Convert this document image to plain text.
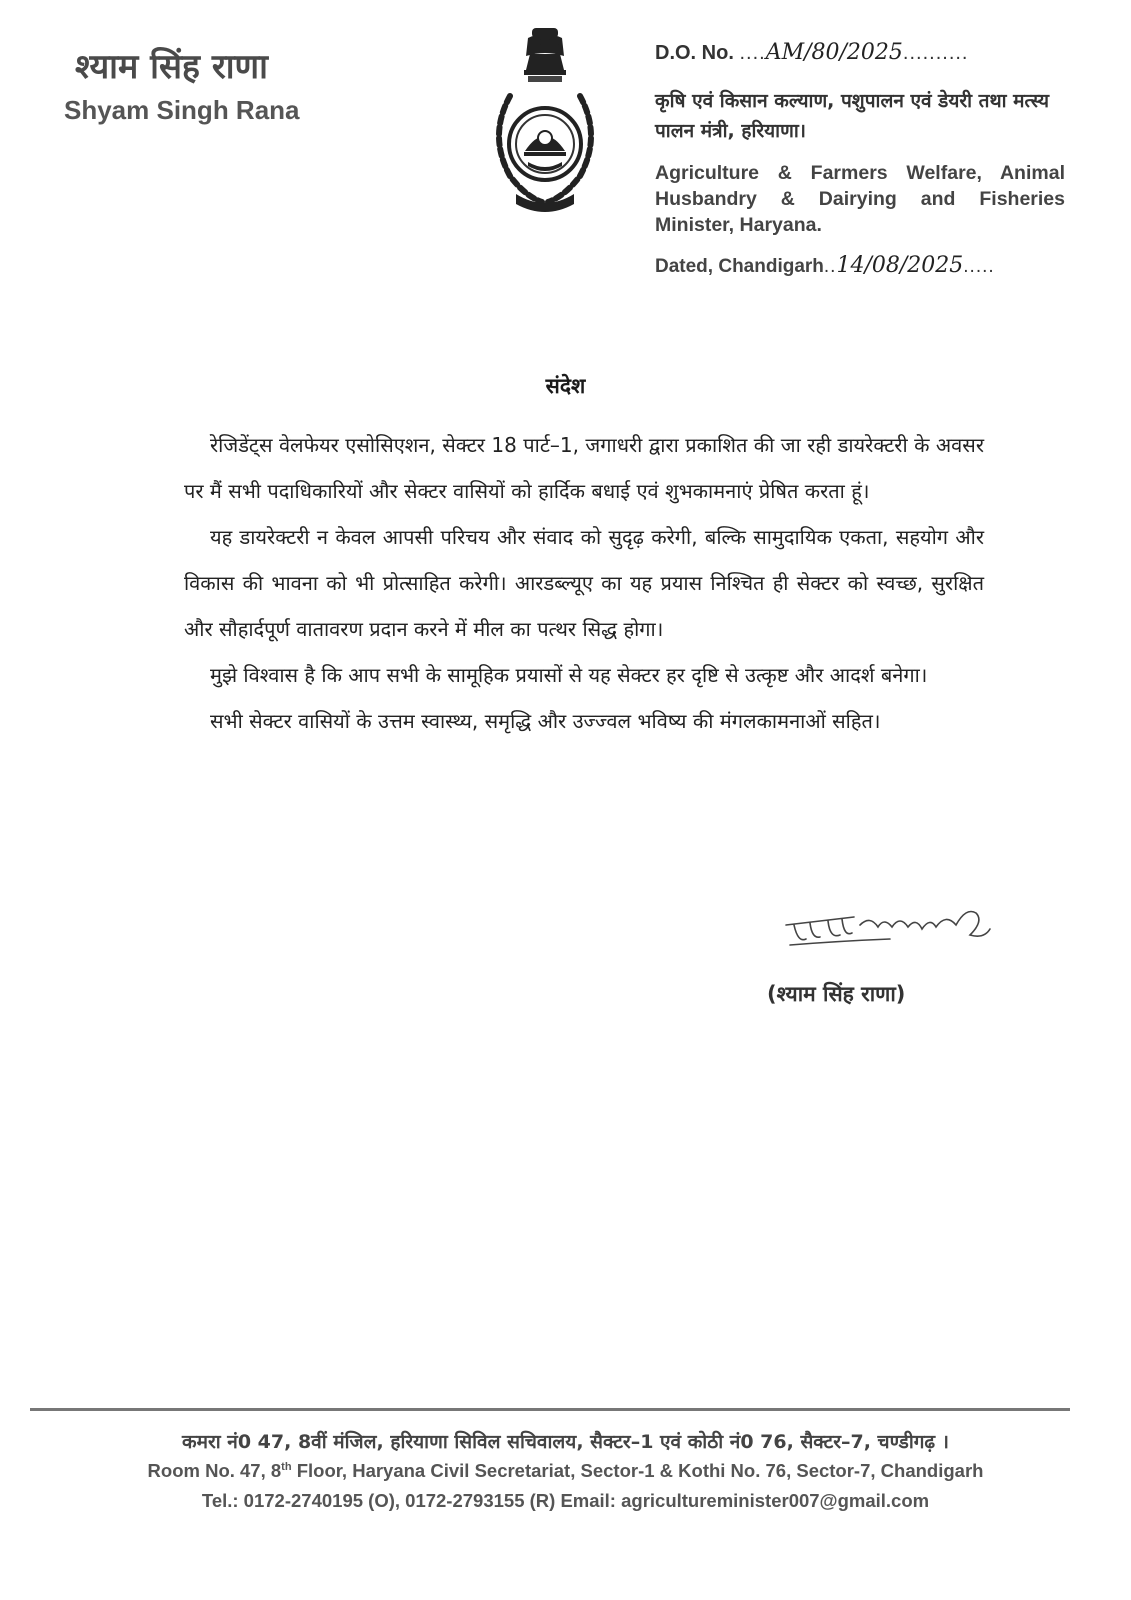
श्याम सिंह राणा
Shyam Singh Rana
D.O. No. ....AM/80/2025..........
कृषि एवं किसान कल्याण, पशुपालन एवं डेयरी तथा मत्स्य पालन मंत्री, हरियाणा।
Agriculture & Farmers Welfare, Animal Husbandry & Dairying and Fisheries Minister, Haryana.
Dated, Chandigarh..14/08/2025.....
संदेश

रेजिडेंट्स वेलफेयर एसोसिएशन, सेक्टर 18 पार्ट–1, जगाधरी द्वारा प्रकाशित की जा रही डायरेक्टरी के अवसर पर मैं सभी पदाधिकारियों और सेक्टर वासियों को हार्दिक बधाई एवं शुभकामनाएं प्रेषित करता हूं।

यह डायरेक्टरी न केवल आपसी परिचय और संवाद को सुदृढ़ करेगी, बल्कि सामुदायिक एकता, सहयोग और विकास की भावना को भी प्रोत्साहित करेगी। आरडब्ल्यूए का यह प्रयास निश्चित ही सेक्टर को स्वच्छ, सुरक्षित और सौहार्दपूर्ण वातावरण प्रदान करने में मील का पत्थर सिद्ध होगा।

मुझे विश्वास है कि आप सभी के सामूहिक प्रयासों से यह सेक्टर हर दृष्टि से उत्कृष्ट और आदर्श बनेगा।

सभी सेक्टर वासियों के उत्तम स्वास्थ्य, समृद्धि और उज्ज्वल भविष्य की मंगलकामनाओं सहित।

(श्याम सिंह राणा)
कमरा नं0 47, 8वीं मंजिल, हरियाणा सिविल सचिवालय, सैक्टर–1 एवं कोठी नं0 76, सैक्टर–7, चण्डीगढ़ ।
Room No. 47, 8th Floor, Haryana Civil Secretariat, Sector-1 & Kothi No. 76, Sector-7, Chandigarh
Tel.: 0172-2740195 (O), 0172-2793155 (R) Email: agricultureminister007@gmail.com
